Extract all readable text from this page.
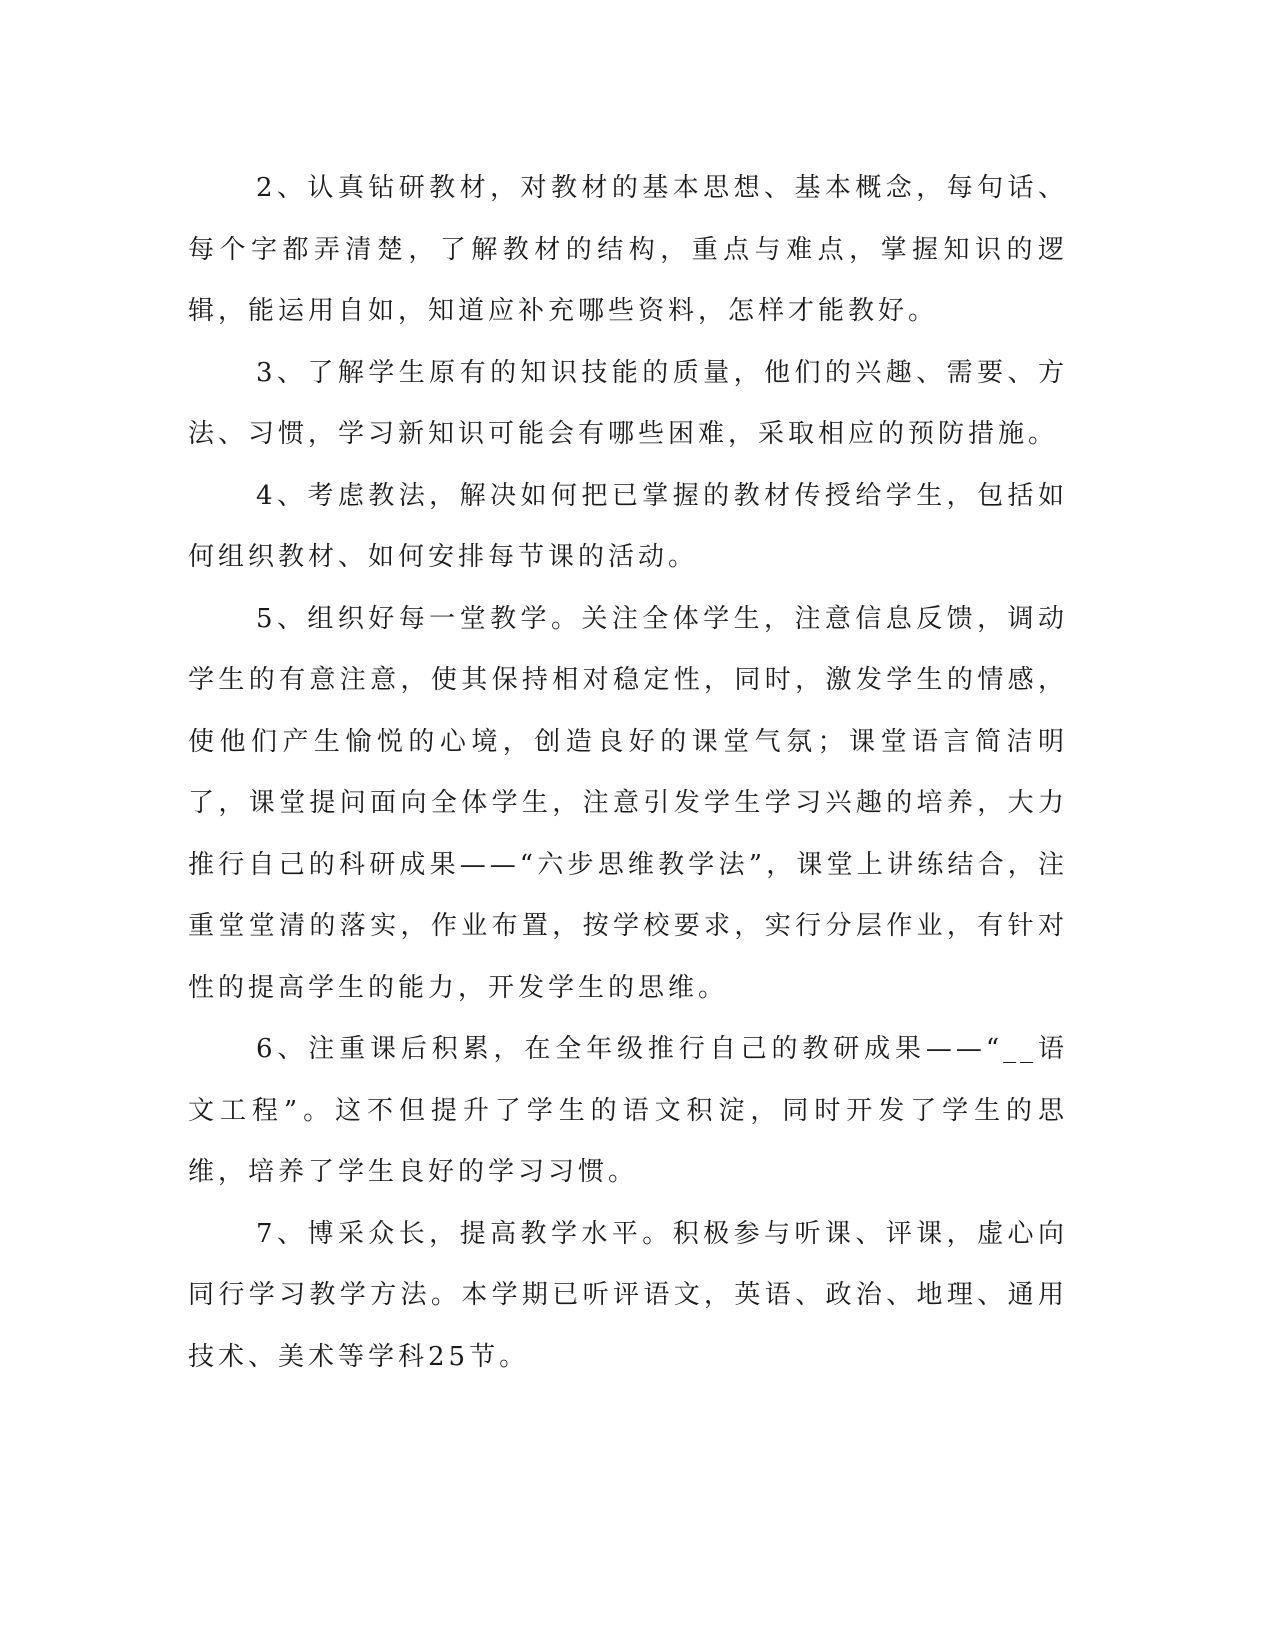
2、认真钻研教材，对教材的基本思想、基本概念，每句话、每个字都弄清楚，了解教材的结构，重点与难点，掌握知识的逻辑，能运用自如，知道应补充哪些资料，怎样才能教好。

3、了解学生原有的知识技能的质量，他们的兴趣、需要、方法、习惯，学习新知识可能会有哪些困难，采取相应的预防措施。

4、考虑教法，解决如何把已掌握的教材传授给学生，包括如何组织教材、如何安排每节课的活动。

5、组织好每一堂教学。关注全体学生，注意信息反馈，调动学生的有意注意，使其保持相对稳定性，同时，激发学生的情感，使他们产生愉悦的心境，创造良好的课堂气氛；课堂语言简洁明了，课堂提问面向全体学生，注意引发学生学习兴趣的培养，大力推行自己的科研成果——“六步思维教学法”，课堂上讲练结合，注重堂堂清的落实，作业布置，按学校要求，实行分层作业，有针对性的提高学生的能力，开发学生的思维。

6、注重课后积累，在全年级推行自己的教研成果——“__语文工程”。这不但提升了学生的语文积淀，同时开发了学生的思维，培养了学生良好的学习习惯。

7、博采众长，提高教学水平。积极参与听课、评课，虚心向同行学习教学方法。本学期已听评语文，英语、政治、地理、通用技术、美术等学科25节。
